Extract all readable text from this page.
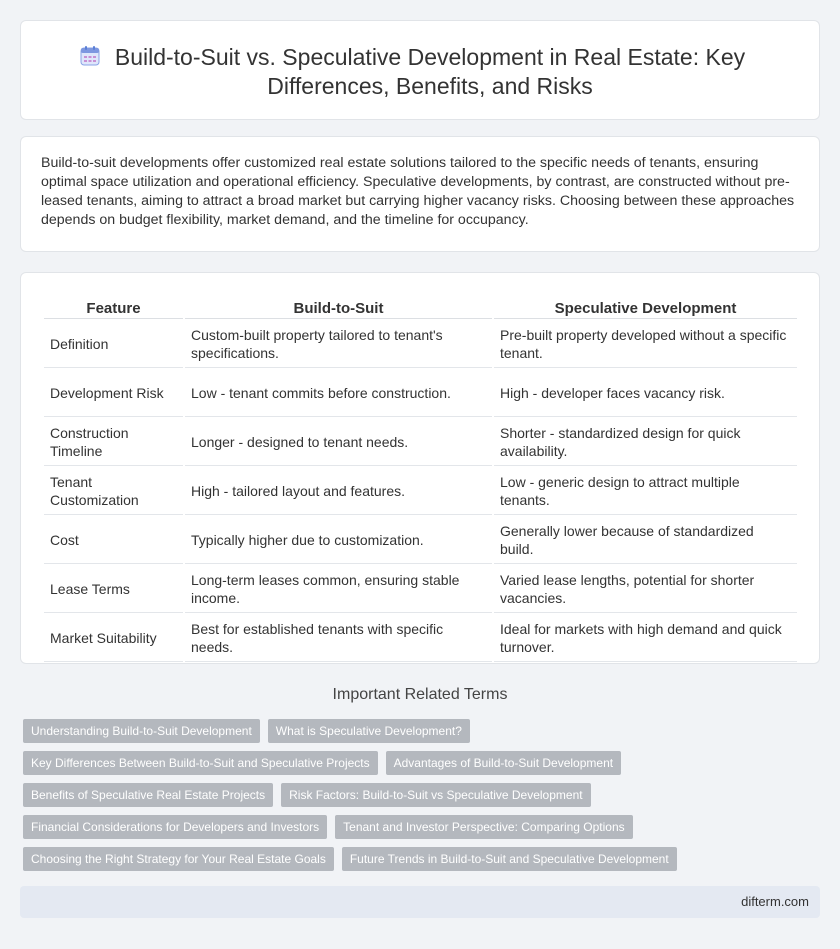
Build-to-Suit vs. Speculative Development in Real Estate: Key Differences, Benefits, and Risks

Build-to-suit developments offer customized real estate solutions tailored to the specific needs of tenants, ensuring optimal space utilization and operational efficiency. Speculative developments, by contrast, are constructed without pre-leased tenants, aiming to attract a broad market but carrying higher vacancy risks. Choosing between these approaches depends on budget flexibility, market demand, and the timeline for occupancy.

Feature	Build-to-Suit	Speculative Development
Definition	Custom-built property tailored to tenant's specifications.	Pre-built property developed without a specific tenant.
Development Risk	Low - tenant commits before construction.	High - developer faces vacancy risk.
Construction Timeline	Longer - designed to tenant needs.	Shorter - standardized design for quick availability.
Tenant Customization	High - tailored layout and features.	Low - generic design to attract multiple tenants.
Cost	Typically higher due to customization.	Generally lower because of standardized build.
Lease Terms	Long-term leases common, ensuring stable income.	Varied lease lengths, potential for shorter vacancies.
Market Suitability	Best for established tenants with specific needs.	Ideal for markets with high demand and quick turnover.
Important Related Terms
Understanding Build-to-Suit Development	What is Speculative Development?
Key Differences Between Build-to-Suit and Speculative Projects	Advantages of Build-to-Suit Development
Benefits of Speculative Real Estate Projects	Risk Factors: Build-to-Suit vs Speculative Development
Financial Considerations for Developers and Investors	Tenant and Investor Perspective: Comparing Options
Choosing the Right Strategy for Your Real Estate Goals	Future Trends in Build-to-Suit and Speculative Development
difterm.com
